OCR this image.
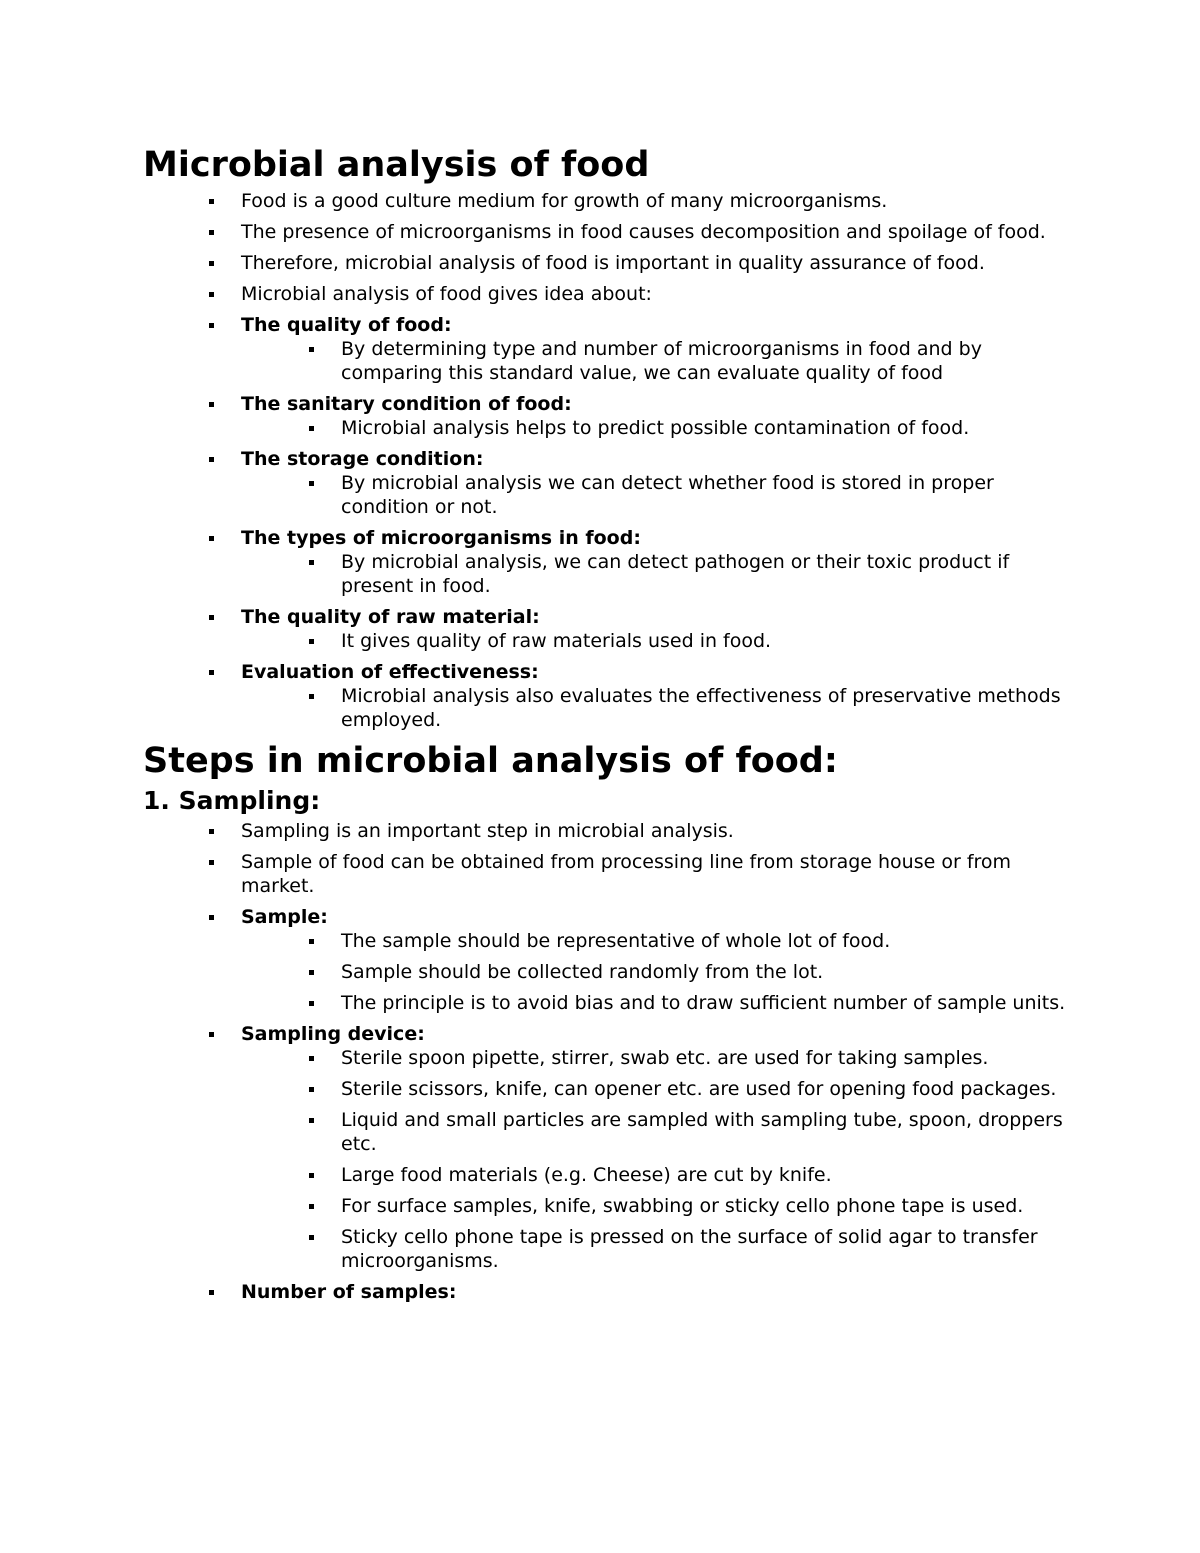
Microbial analysis of food
Food is a good culture medium for growth of many microorganisms.
The presence of microorganisms in food causes decomposition and spoilage of food.
Therefore, microbial analysis of food is important in quality assurance of food.
Microbial analysis of food gives idea about:
The quality of food:
By determining type and number of microorganisms in food and by comparing this standard value, we can evaluate quality of food
The sanitary condition of food:
Microbial analysis helps to predict possible contamination of food.
The storage condition:
By microbial analysis we can detect whether food is stored in proper condition or not.
The types of microorganisms in food:
By microbial analysis, we can detect pathogen or their toxic product if present in food.
The quality of raw material:
It gives quality of raw materials used in food.
Evaluation of effectiveness:
Microbial analysis also evaluates the effectiveness of preservative methods employed.
Steps in microbial analysis of food:
1. Sampling:
Sampling is an important step in microbial analysis.
Sample of food can be obtained from processing line from storage house or from market.
Sample:
The sample should be representative of whole lot of food.
Sample should be collected randomly from the lot.
The principle is to avoid bias and to draw sufficient number of sample units.
Sampling device:
Sterile spoon pipette, stirrer, swab etc. are used for taking samples.
Sterile scissors, knife, can opener etc. are used for opening food packages.
Liquid and small particles are sampled with sampling tube, spoon, droppers etc.
Large food materials (e.g. Cheese) are cut by knife.
For surface samples, knife, swabbing or sticky cello phone tape is used.
Sticky cello phone tape is pressed on the surface of solid agar to transfer microorganisms.
Number of samples:
